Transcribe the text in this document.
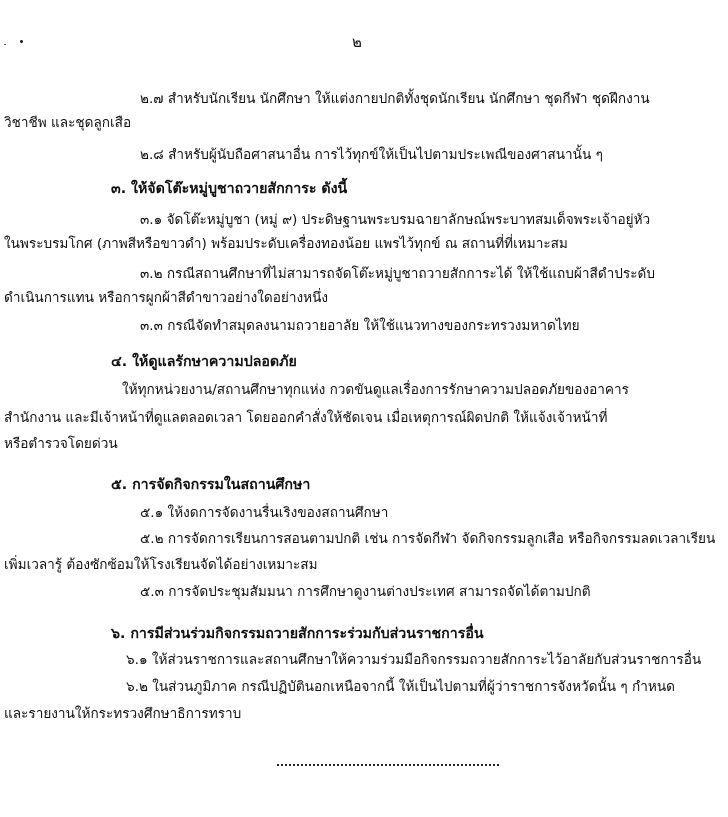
๒
๒.๗ สำหรับนักเรียน นักศึกษา ให้แต่งกายปกติทั้งชุดนักเรียน นักศึกษา ชุดกีฬา ชุดฝึกงาน
วิชาชีพ และชุดลูกเสือ
๒.๘ สำหรับผู้นับถือศาสนาอื่น การไว้ทุกข์ให้เป็นไปตามประเพณีของศาสนานั้น ๆ
๓. ให้จัดโต๊ะหมู่บูชาถวายสักการะ ดังนี้
๓.๑ จัดโต๊ะหมู่บูชา (หมู่ ๙) ประดิษฐานพระบรมฉายาลักษณ์พระบาทสมเด็จพระเจ้าอยู่หัว
ในพระบรมโกศ (ภาพสีหรือขาวดำ) พร้อมประดับเครื่องทองน้อย แพรไว้ทุกข์ ณ สถานที่ที่เหมาะสม
๓.๒ กรณีสถานศึกษาที่ไม่สามารถจัดโต๊ะหมู่บูชาถวายสักการะได้ ให้ใช้แถบผ้าสีดำประดับ
ดำเนินการแทน หรือการผูกผ้าสีดำขาวอย่างใดอย่างหนึ่ง
๓.๓ กรณีจัดทำสมุดลงนามถวายอาลัย ให้ใช้แนวทางของกระทรวงมหาดไทย
๔. ให้ดูแลรักษาความปลอดภัย
ให้ทุกหน่วยงาน/สถานศึกษาทุกแห่ง กวดขันดูแลเรื่องการรักษาความปลอดภัยของอาคาร
สำนักงาน และมีเจ้าหน้าที่ดูแลตลอดเวลา โดยออกคำสั่งให้ชัดเจน เมื่อเหตุการณ์ผิดปกติ ให้แจ้งเจ้าหน้าที่
หรือตำรวจโดยด่วน
๕. การจัดกิจกรรมในสถานศึกษา
๕.๑ ให้งดการจัดงานรื่นเริงของสถานศึกษา
๕.๒ การจัดการเรียนการสอนตามปกติ เช่น การจัดกีฬา จัดกิจกรรมลูกเสือ หรือกิจกรรมลดเวลาเรียน
เพิ่มเวลารู้ ต้องซักซ้อมให้โรงเรียนจัดได้อย่างเหมาะสม
๕.๓ การจัดประชุมสัมมนา การศึกษาดูงานต่างประเทศ สามารถจัดได้ตามปกติ
๖. การมีส่วนร่วมกิจกรรมถวายสักการะร่วมกับส่วนราชการอื่น
๖.๑ ให้ส่วนราชการและสถานศึกษาให้ความร่วมมือกิจกรรมถวายสักการะไว้อาลัยกับส่วนราชการอื่น
๖.๒ ในส่วนภูมิภาค กรณีปฏิบัตินอกเหนือจากนี้ ให้เป็นไปตามที่ผู้ว่าราชการจังหวัดนั้น ๆ กำหนด
และรายงานให้กระทรวงศึกษาธิการทราบ
